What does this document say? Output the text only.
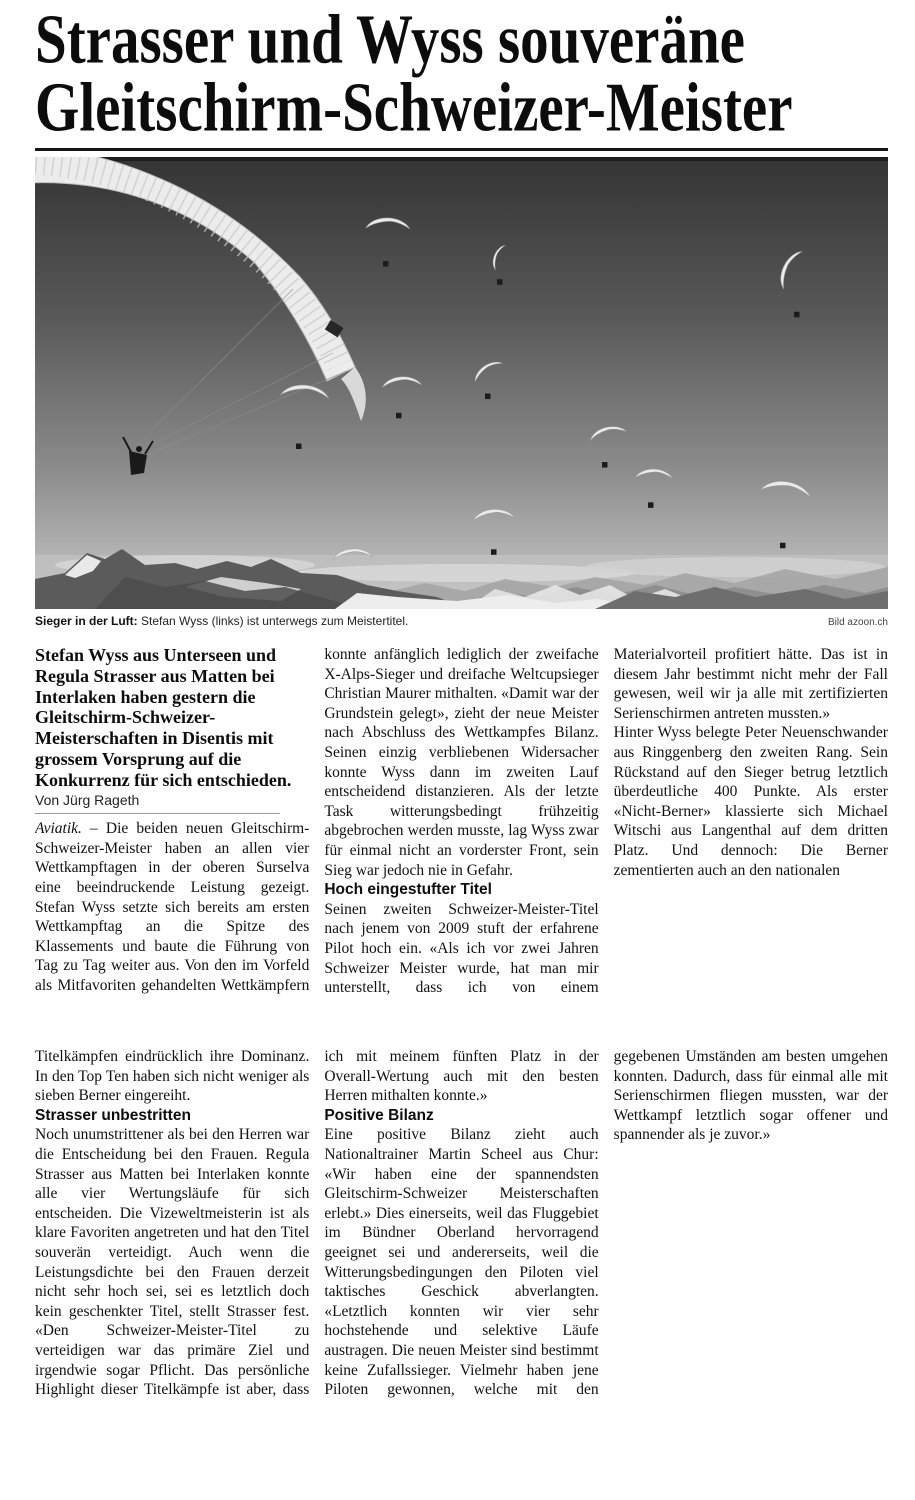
Strasser und Wyss souveräne
Gleitschirm-Schweizer-Meister
Sieger in der Luft: Stefan Wyss (links) ist unterwegs zum Meistertitel.	Bild azoon.ch

Stefan Wyss aus Unterseen und Regula Strasser aus Matten bei Interlaken haben gestern die Gleitschirm-Schweizer-Meisterschaften in Disentis mit grossem Vorsprung auf die Konkurrenz für sich entschieden.

Von Jürg Rageth

Aviatik. – Die beiden neuen Gleitschirm-Schweizer-Meister haben an allen vier Wettkampftagen in der oberen Surselva eine beeindruckende Leistung gezeigt. Stefan Wyss setzte sich bereits am ersten Wettkampftag an die Spitze des Klassements und baute die Führung von Tag zu Tag weiter aus. Von den im Vorfeld als Mitfavoriten gehandelten Wettkämpfern konnte anfänglich lediglich der zweifache X-Alps-Sieger und dreifache Weltcupsieger Christian Maurer mithalten. «Damit war der Grundstein gelegt», zieht der neue Meister nach Abschluss des Wettkampfes Bilanz. Seinen einzig verbliebenen Widersacher konnte Wyss dann im zweiten Lauf entscheidend distanzieren. Als der letzte Task witterungsbedingt frühzeitig abgebrochen werden musste, lag Wyss zwar für einmal nicht an vorderster Front, sein Sieg war jedoch nie in Gefahr.

Hoch eingestufter Titel

Seinen zweiten Schweizer-Meister-Titel nach jenem von 2009 stuft der erfahrene Pilot hoch ein. «Als ich vor zwei Jahren Schweizer Meister wurde, hat man mir unterstellt, dass ich von einem Materialvorteil profitiert hätte. Das ist in diesem Jahr bestimmt nicht mehr der Fall gewesen, weil wir ja alle mit zertifizierten Serienschirmen antreten mussten.»

Hinter Wyss belegte Peter Neuenschwander aus Ringgenberg den zweiten Rang. Sein Rückstand auf den Sieger betrug letztlich überdeutliche 400 Punkte. Als erster «Nicht-Berner» klassierte sich Michael Witschi aus Langenthal auf dem dritten Platz. Und dennoch: Die Berner zementierten auch an den nationalen

Titelkämpfen eindrücklich ihre Dominanz. In den Top Ten haben sich nicht weniger als sieben Berner eingereiht.

Strasser unbestritten

Noch unumstrittener als bei den Herren war die Entscheidung bei den Frauen. Regula Strasser aus Matten bei Interlaken konnte alle vier Wertungsläufe für sich entscheiden. Die Vizeweltmeisterin ist als klare Favoriten angetreten und hat den Titel souverän verteidigt. Auch wenn die Leistungsdichte bei den Frauen derzeit nicht sehr hoch sei, sei es letztlich doch kein geschenkter Titel, stellt Strasser fest. «Den Schweizer-Meister-Titel zu verteidigen war das primäre Ziel und irgendwie sogar Pflicht. Das persönliche Highlight dieser Titelkämpfe ist aber, dass ich mit meinem fünften Platz in der Overall-Wertung auch mit den besten Herren mithalten konnte.»

Positive Bilanz

Eine positive Bilanz zieht auch Nationaltrainer Martin Scheel aus Chur: «Wir haben eine der spannendsten Gleitschirm-Schweizer Meisterschaften erlebt.» Dies einerseits, weil das Fluggebiet im Bündner Oberland hervorragend geeignet sei und andererseits, weil die Witterungsbedingungen den Piloten viel taktisches Geschick abverlangten. «Letztlich konnten wir vier sehr hochstehende und selektive Läufe austragen. Die neuen Meister sind bestimmt keine Zufallssieger. Vielmehr haben jene Piloten gewonnen, welche mit den gegebenen Umständen am besten umgehen konnten. Dadurch, dass für einmal alle mit Serienschirmen fliegen mussten, war der Wettkampf letztlich sogar offener und spannender als je zuvor.»
